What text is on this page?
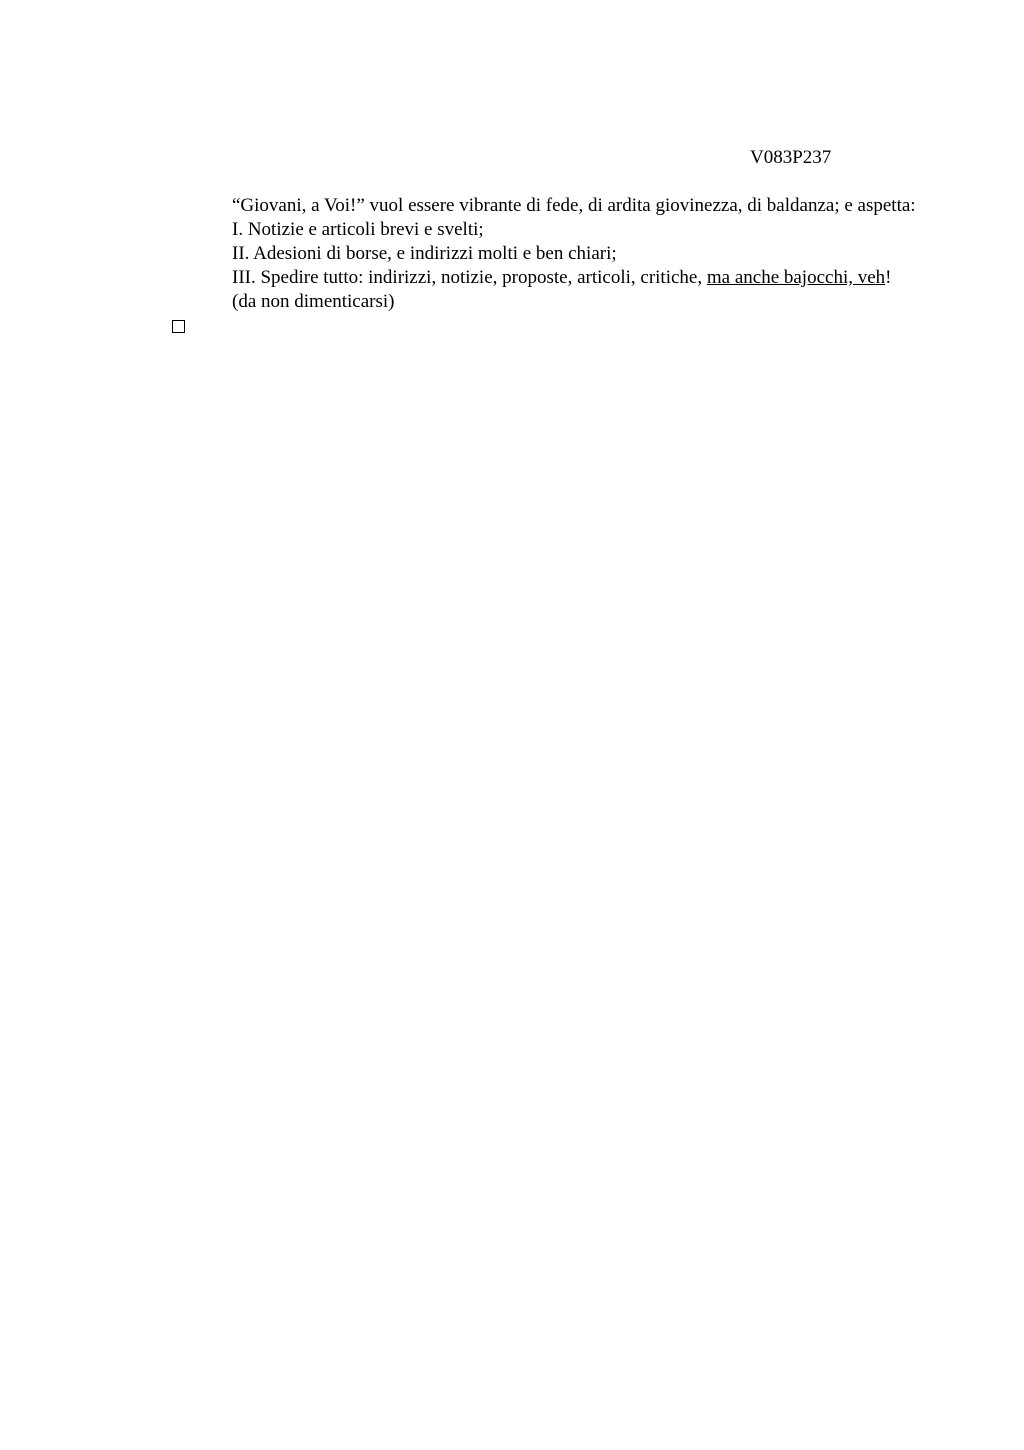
V083P237

“Giovani, a Voi!” vuol essere vibrante di fede, di ardita giovinezza, di baldanza; e aspetta:

I. Notizie e articoli brevi e svelti;

II. Adesioni di borse, e indirizzi molti e ben chiari;

III. Spedire tutto: indirizzi, notizie, proposte, articoli, critiche, ma anche bajocchi, veh!

(da non dimenticarsi)
